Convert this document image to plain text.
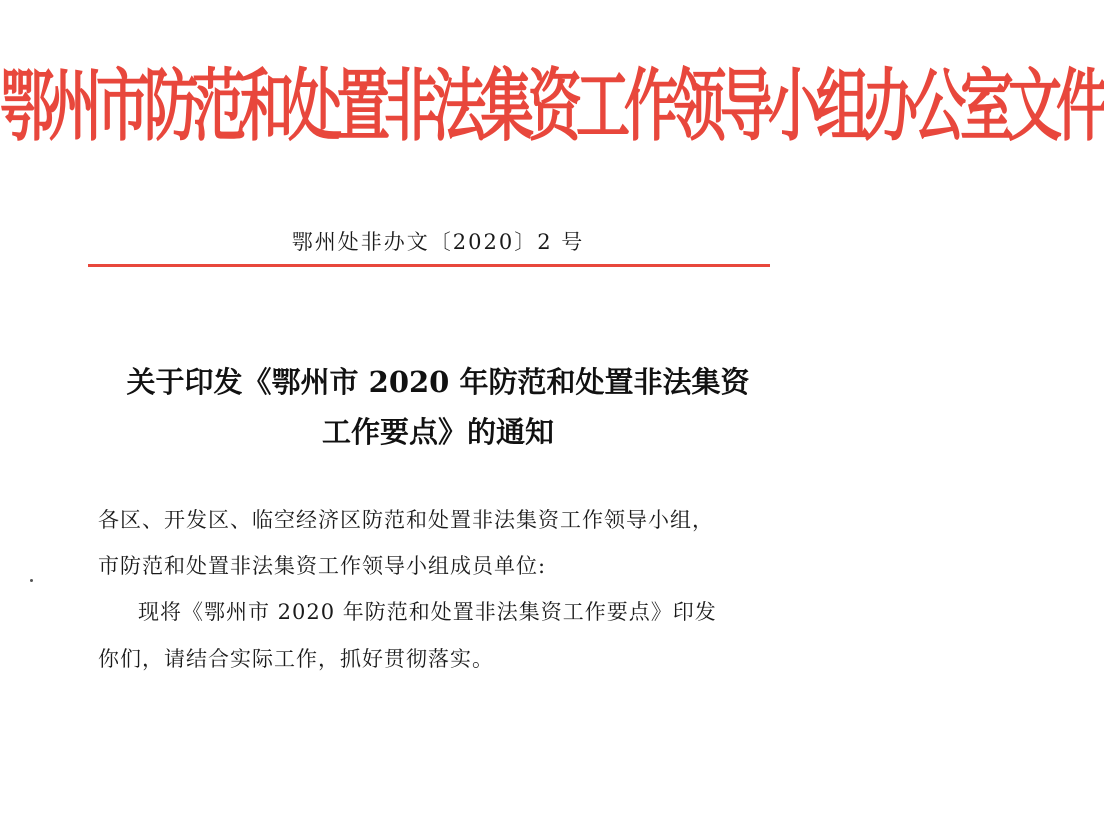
鄂州市防范和处置非法集资工作领导小组办公室文件
鄂州处非办文〔2020〕2 号
关于印发《鄂州市 2020 年防范和处置非法集资
工作要点》的通知
各区、开发区、临空经济区防范和处置非法集资工作领导小组，
市防范和处置非法集资工作领导小组成员单位:
现将《鄂州市 2020 年防范和处置非法集资工作要点》印发
你们，请结合实际工作，抓好贯彻落实。
